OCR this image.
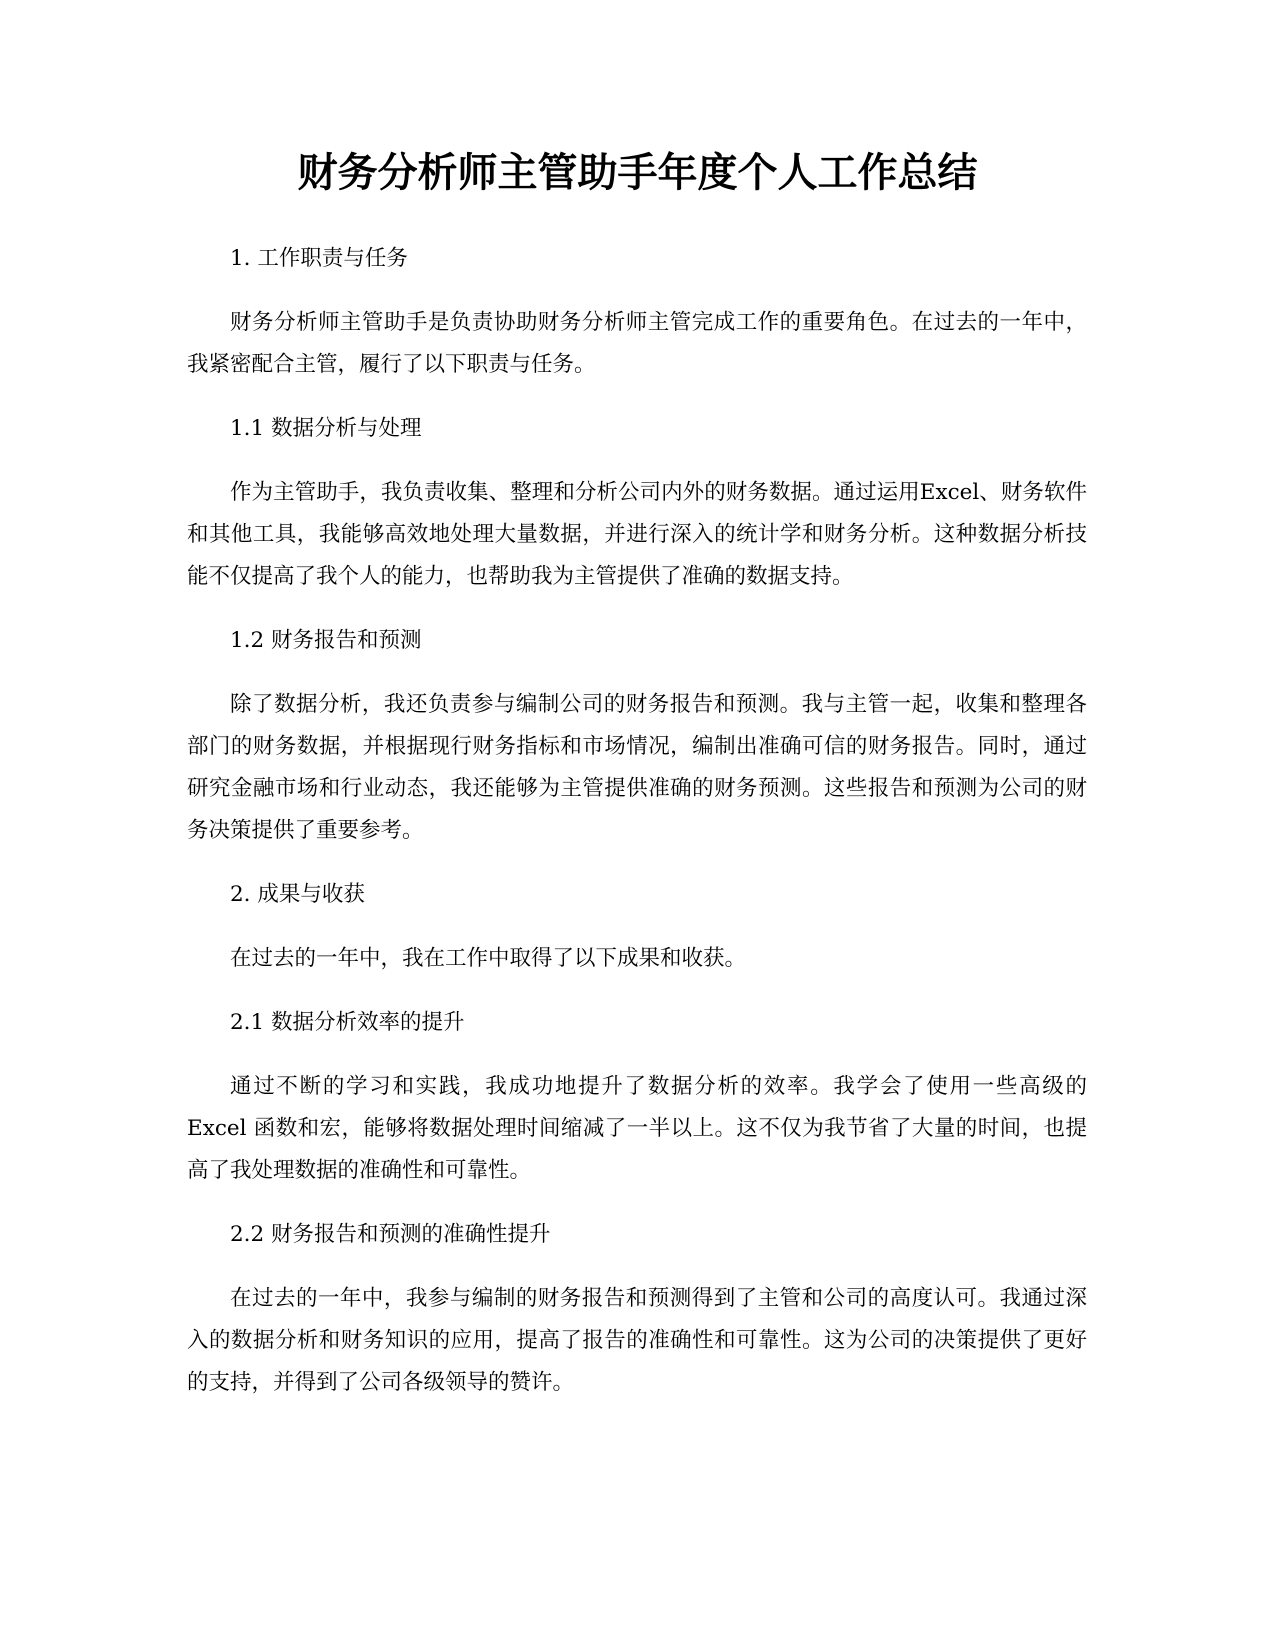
财务分析师主管助手年度个人工作总结

1. 工作职责与任务

财务分析师主管助手是负责协助财务分析师主管完成工作的重要角色。在过去的一年中，我紧密配合主管，履行了以下职责与任务。

1.1 数据分析与处理

作为主管助手，我负责收集、整理和分析公司内外的财务数据。通过运用Excel、财务软件和其他工具，我能够高效地处理大量数据，并进行深入的统计学和财务分析。这种数据分析技能不仅提高了我个人的能力，也帮助我为主管提供了准确的数据支持。

1.2 财务报告和预测

除了数据分析，我还负责参与编制公司的财务报告和预测。我与主管一起，收集和整理各部门的财务数据，并根据现行财务指标和市场情况，编制出准确可信的财务报告。同时，通过研究金融市场和行业动态，我还能够为主管提供准确的财务预测。这些报告和预测为公司的财务决策提供了重要参考。

2. 成果与收获

在过去的一年中，我在工作中取得了以下成果和收获。

2.1 数据分析效率的提升

通过不断的学习和实践，我成功地提升了数据分析的效率。我学会了使用一些高级的 Excel 函数和宏，能够将数据处理时间缩减了一半以上。这不仅为我节省了大量的时间，也提高了我处理数据的准确性和可靠性。

2.2 财务报告和预测的准确性提升

在过去的一年中，我参与编制的财务报告和预测得到了主管和公司的高度认可。我通过深入的数据分析和财务知识的应用，提高了报告的准确性和可靠性。这为公司的决策提供了更好的支持，并得到了公司各级领导的赞许。
